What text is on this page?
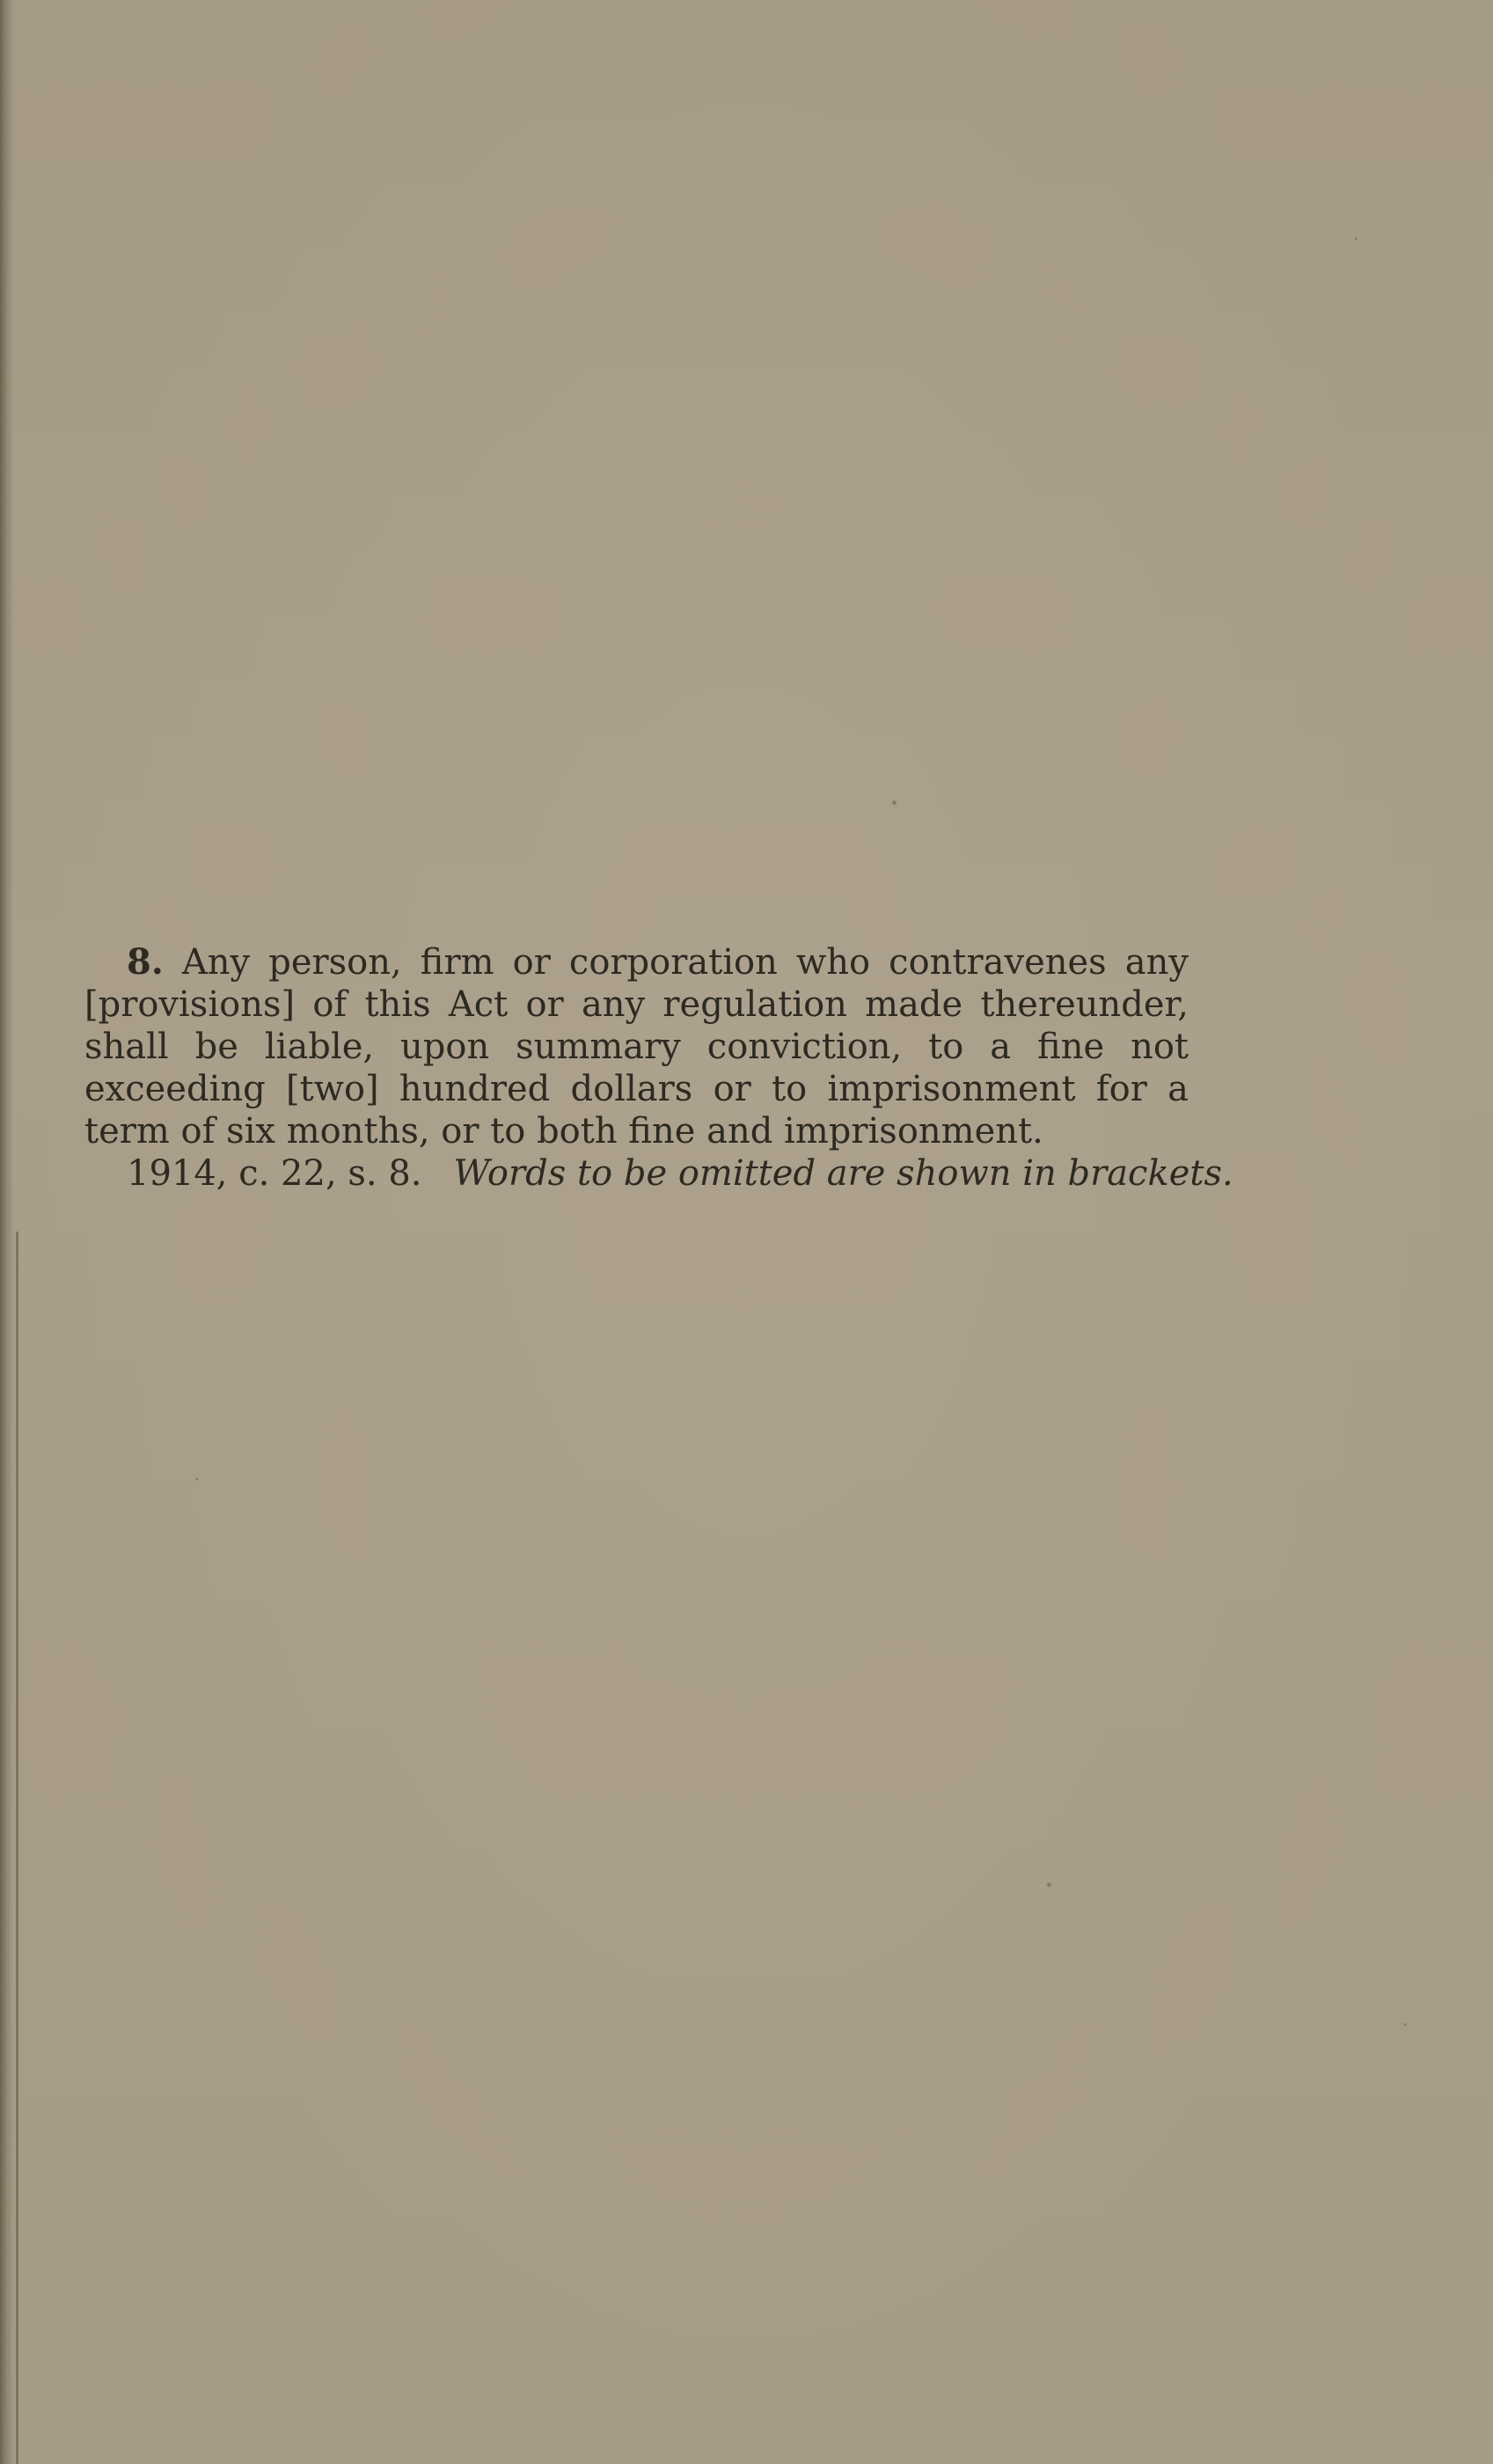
8. Any person, firm or corporation who contravenes any
[provisions] of this Act or any regulation made thereunder,
shall be liable, upon summary conviction, to a fine not
exceeding [two] hundred dollars or to imprisonment for a
term of six months, or to both fine and imprisonment.
1914, c. 22, s. 8. Words to be omitted are shown in brackets.
